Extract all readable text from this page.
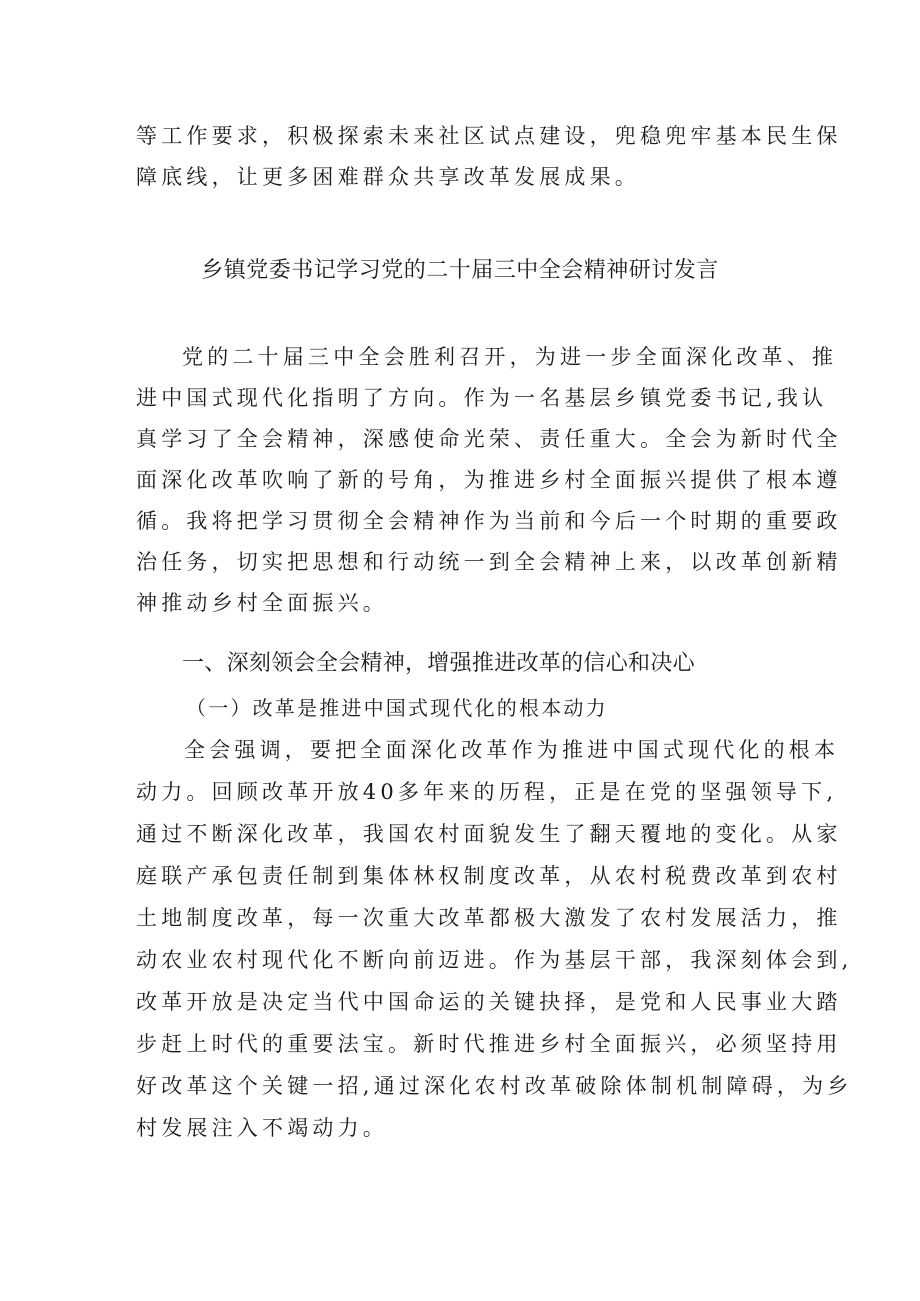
等工作要求，积极探索未来社区试点建设，兜稳兜牢基本民生保
障底线，让更多困难群众共享改革发展成果。
乡镇党委书记学习党的二十届三中全会精神研讨发言
党的二十届三中全会胜利召开，为进一步全面深化改革、推
进中国式现代化指明了方向。作为一名基层乡镇党委书记,我认
真学习了全会精神，深感使命光荣、责任重大。全会为新时代全
面深化改革吹响了新的号角，为推进乡村全面振兴提供了根本遵
循。我将把学习贯彻全会精神作为当前和今后一个时期的重要政
治任务，切实把思想和行动统一到全会精神上来，以改革创新精
神推动乡村全面振兴。
一、深刻领会全会精神，增强推进改革的信心和决心
（一）改革是推进中国式现代化的根本动力
全会强调，要把全面深化改革作为推进中国式现代化的根本
动力。回顾改革开放40多年来的历程，正是在党的坚强领导下,
通过不断深化改革，我国农村面貌发生了翻天覆地的变化。从家
庭联产承包责任制到集体林权制度改革，从农村税费改革到农村
土地制度改革，每一次重大改革都极大激发了农村发展活力，推
动农业农村现代化不断向前迈进。作为基层干部，我深刻体会到,
改革开放是决定当代中国命运的关键抉择，是党和人民事业大踏
步赶上时代的重要法宝。新时代推进乡村全面振兴，必须坚持用
好改革这个关键一招,通过深化农村改革破除体制机制障碍，为乡
村发展注入不竭动力。
